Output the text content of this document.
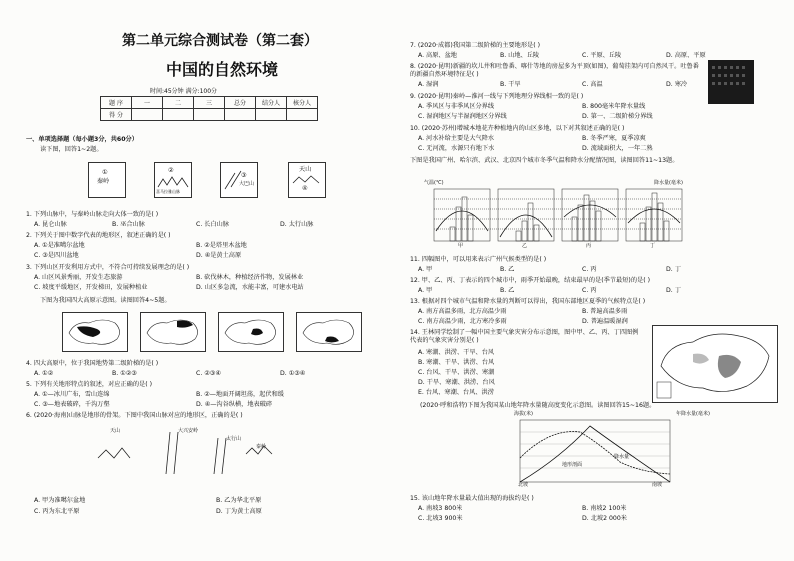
第二单元综合测试卷（第二套）
中国的自然环境
时间:45分钟 满分:100分
题 序	一	二	三	总分	结分人	核分人
得 分						
一、单项选择题（每小题3分，共60分）
读下图，回答1~2题。
①
秦岭
②
喜马拉雅山脉
③
大巴山
天山
④
1. 下列山脉中，与秦岭山脉走向大体一致的是( )
A. 昆仑山脉	B. 巫合山脉	C. 长白山脉	D. 太行山脉
2. 下列关于图中数字代表的地形区，叙述正确的是( )
A. ①是准噶尔盆地	B. ②是塔里木盆地
C. ③是四川盆地	D. ④是黄土高原
3. 下列山区开发利用方式中，不符合可持续发展理念的是( )
A. 山区风景秀丽，开发生态旅游	B. 砍伐林木，种植经济作物，发展林业
C. 坡度平缓地区，开发梯田，发展种植业	D. 山区多急流，水能丰富，可建水电站
下图为我国四大高原示意图。读图回答4~5题。
4. 四大高原中，位于我国地势第二级阶梯的是( )
A. ①②	B. ①②③	C. ②③④	D. ①③④
5. 下列有关地形特点的叙述，对应正确的是( )
A. ①—冰川广布，雪山连绵	B. ②—地面开阔坦荡，起伏和缓
C. ③—地表破碎，千沟万壑	D. ④—沟谷纵横，地表破碎
6. (2020·海南)山脉是地形的骨架。下图中我国山脉对应的地形区，正确的是( )
天山	大兴安岭
太行山
秦岭
A. 甲为准噶尔盆地	B. 乙为华北平原
C. 丙为东北平原	D. 丁为黄土高原
7. (2020·成都)我国第二级阶梯的主要地形是( )
A. 高原、盆地	B. 山地、丘陵	C. 平原、丘陵	D. 高原、平原
8. (2020·昆明)新疆的坎儿井和吐鲁番、喀什等地的房屋多为平顶(如图)，葡萄挂架内可自然风干。吐鲁番的新疆自然环境特征是( )
A. 湿润	B. 干旱	C. 高温	D. 寒冷
9. (2020·昆明)秦岭—淮河一线与下列地理分界线相一致的是( )
A. 季风区与非季风区分界线	B. 800毫米年降水量线
C. 湿润地区与半湿润地区分界线	D. 第一、二级阶梯分界线
10. (2020·苏州)增城本地花卉种植地内的山区多地，以下对其叙述正确的是( )
A. 河水补给主要是大气降水	B. 冬季严寒，夏季凉爽
C. 无河流，水源只有地下水	D. 流域面积大，一年二熟
下图是我国广州、哈尔滨、武汉、北京四个城市冬季气温和降水分配情况图，读图回答11~13题。
气温(℃)	降水量(毫米)
甲	乙	丙	丁
11. 四幅图中，可以用来表示广州气候类型的是( )
A. 甲	B. 乙	C. 丙	D. 丁
12. 甲、乙、丙、丁表示的四个城市中，雨季开始最晚，结束最早的是(季节最短)的是( )
A. 甲	B. 乙	C. 丙	D. 丁
13. 根据对四个城市气温和降水量的判断可以得出，我国东部地区夏季的气候特点是( )
A. 南方高温多雨，北方高温少雨	B. 普遍高温多雨
C. 南方高温少雨，北方寒冷多雨	D. 普遍温暖湿润
14. 王林同学绘制了一幅中国主要气象灾害分布示意图，图中甲、乙、丙、丁四图例代表的气象灾害分别是( )
A. 寒潮、洪涝、干旱、台风
B. 寒潮、干旱、洪涝、台风
C. 台风、干旱、洪涝、寒潮
D. 干旱、寒潮、洪涝、台风
E. 台风、寒潮、台风、洪涝
(2020·呼和浩特)下图为我国某山地年降水量随高度变化示意图。读图回答15~16题。
海拔(米)	年降水量(毫米)
地形剖面
降水量
北坡	南坡
15. 该山地年降水量最大值出现的海拔约是( )
A. 南坡3 800米	B. 南坡2 100米
C. 北坡3 900米	D. 北坡2 000米
